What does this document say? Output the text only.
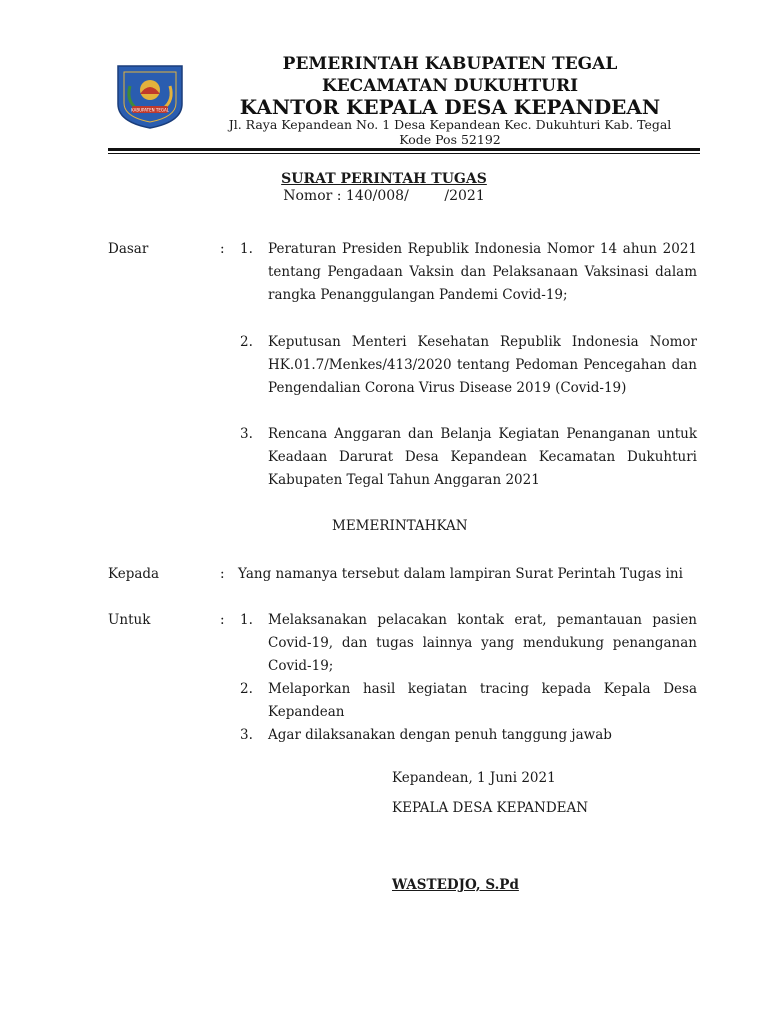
KABUPATEN TEGAL
PEMERINTAH KABUPATEN TEGAL
KECAMATAN DUKUHTURI
KANTOR KEPALA DESA KEPANDEAN
Jl. Raya Kepandean No. 1 Desa Kepandean Kec. Dukuhturi Kab. Tegal
Kode Pos 52192
SURAT PERINTAH TUGAS
Nomor : 140/008/        /2021
Dasar	: 1. Peraturan Presiden Republik Indonesia Nomor 14 ahun 2021 tentang Pengadaan Vaksin dan Pelaksanaan Vaksinasi dalam rangka Penanggulangan Pandemi Covid-19;
2. Keputusan Menteri Kesehatan Republik Indonesia Nomor HK.01.7/Menkes/413/2020 tentang Pedoman Pencegahan dan Pengendalian Corona Virus Disease 2019 (Covid-19)
3. Rencana Anggaran dan Belanja Kegiatan Penanganan untuk Keadaan Darurat Desa Kepandean Kecamatan Dukuhturi Kabupaten Tegal Tahun Anggaran 2021
MEMERINTAHKAN
Kepada	: Yang namanya tersebut dalam lampiran Surat Perintah Tugas ini
Untuk	: 1. Melaksanakan pelacakan kontak erat, pemantauan pasien Covid-19, dan tugas lainnya yang mendukung penanganan Covid-19;
2. Melaporkan hasil kegiatan tracing kepada Kepala Desa Kepandean
3. Agar dilaksanakan dengan penuh tanggung jawab
Kepandean, 1 Juni 2021
KEPALA DESA KEPANDEAN
WASTEDJO, S.Pd
